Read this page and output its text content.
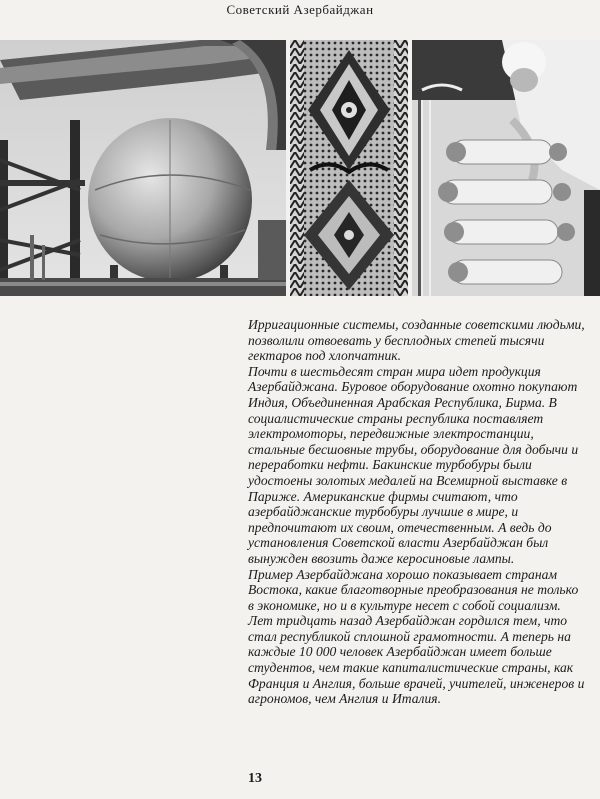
Советский Азербайджан

Ирригационные системы, созданные советскими людьми, позволили отвоевать у бесплодных степей тысячи гектаров под хлопчатник.

Почти в шестьдесят стран мира идет продукция Азербайджана. Буровое оборудование охотно покупают Индия, Объединенная Арабская Республика, Бирма. В социалистические страны республика поставляет электромоторы, передвижные электростанции, стальные бесшовные трубы, оборудование для добычи и переработки нефти. Бакинские турбобуры были удостоены золотых медалей на Всемирной выставке в Париже. Американские фирмы считают, что азербайджанские турбобуры лучшие в мире, и предпочитают их своим, отечественным. А ведь до установления Советской власти Азербайджан был вынужден ввозить даже керосиновые лампы.

Пример Азербайджана хорошо показывает странам Востока, какие благотворные преобразования не только в экономике, но и в культуре несет с собой социализм. Лет тридцать назад Азербайджан гордился тем, что стал республикой сплошной грамотности. А теперь на каждые 10 000 человек Азербайджан имеет больше студентов, чем такие капиталистические страны, как Франция и Англия, больше врачей, учителей, инженеров и агрономов, чем Англия и Италия.

13
